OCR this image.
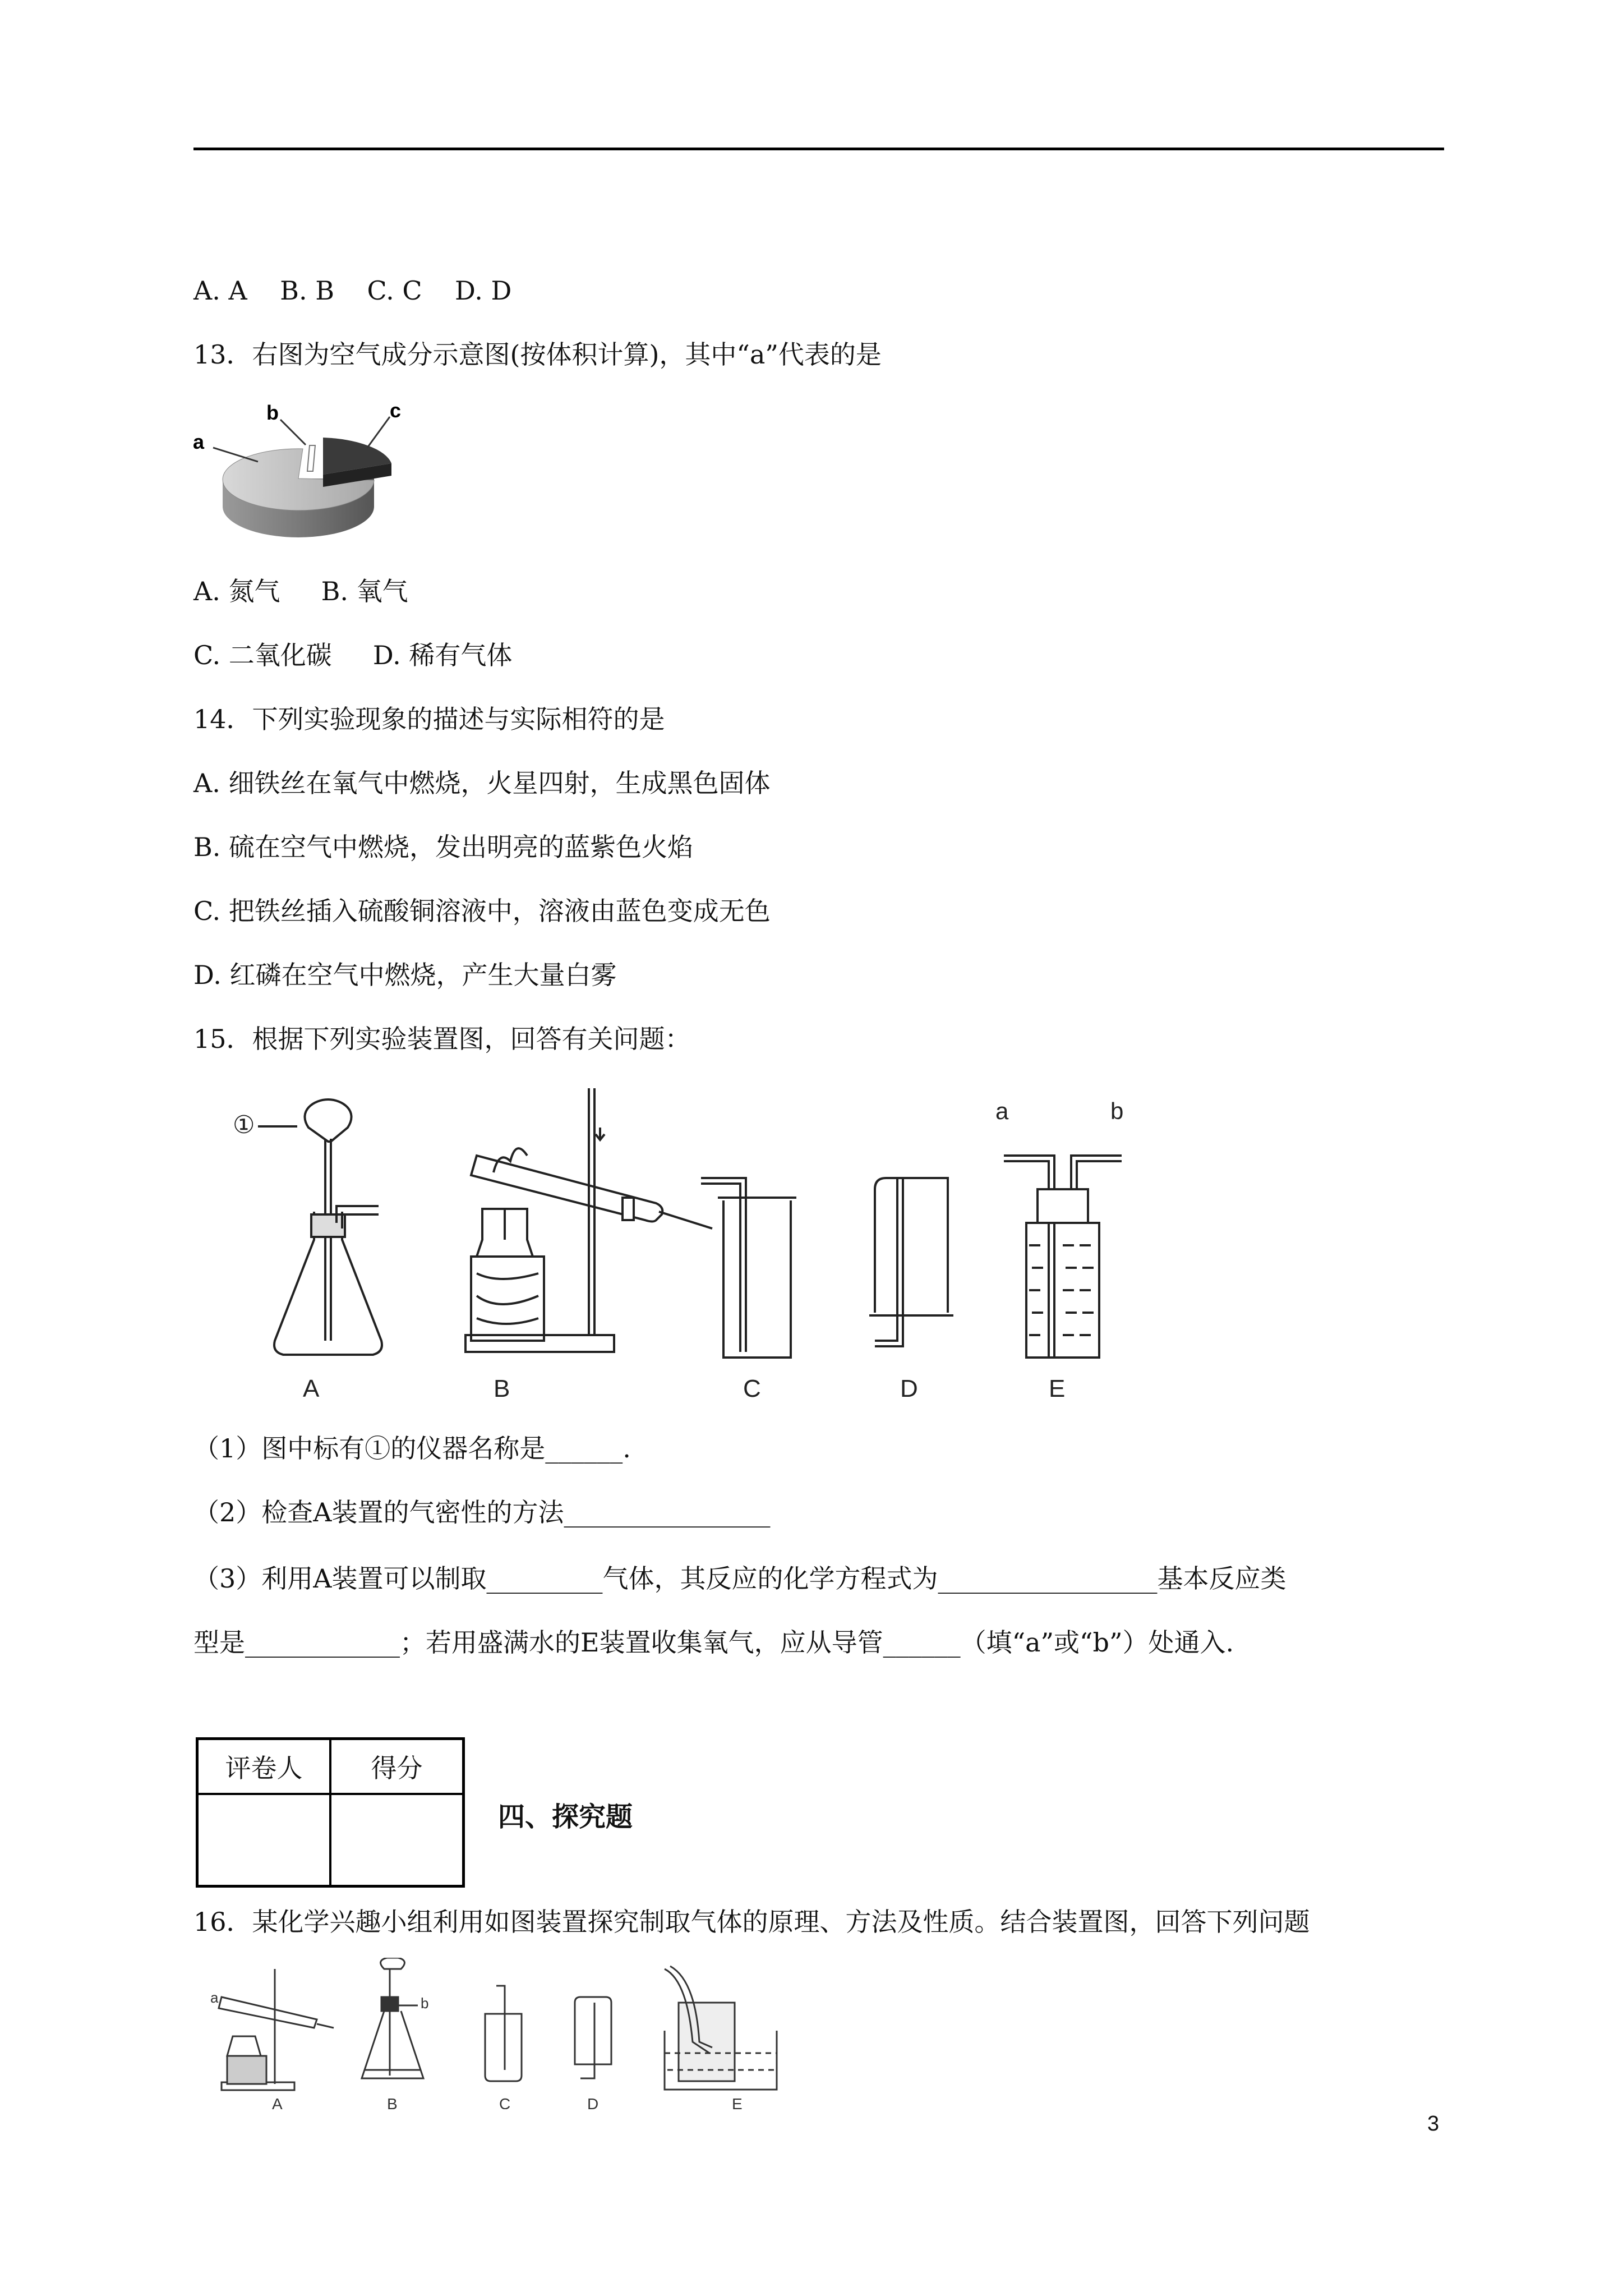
A. A    B. B    C. C    D. D
13．右图为空气成分示意图(按体积计算)，其中“a”代表的是
a
b	c
A. 氮气     B. 氧气
C. 二氧化碳     D. 稀有气体
14．下列实验现象的描述与实际相符的是
A. 细铁丝在氧气中燃烧，火星四射，生成黑色固体
B. 硫在空气中燃烧，发出明亮的蓝紫色火焰
C. 把铁丝插入硫酸铜溶液中，溶液由蓝色变成无色
D. 红磷在空气中燃烧，产生大量白雾
15．根据下列实验装置图，回答有关问题：
①
A	B	C	D
a	b
E
（1）图中标有①的仪器名称是______.
（2）检查A装置的气密性的方法________________
（3）利用A装置可以制取_________气体，其反应的化学方程式为_________________基本反应类
型是____________；若用盛满水的E装置收集氧气，应从导管______（填“a”或“b”）处通入.
评卷人	得分

四、探究题
16．某化学兴趣小组利用如图装置探究制取气体的原理、方法及性质。结合装置图，回答下列问题
a
A
b
B	C	D	E
3
